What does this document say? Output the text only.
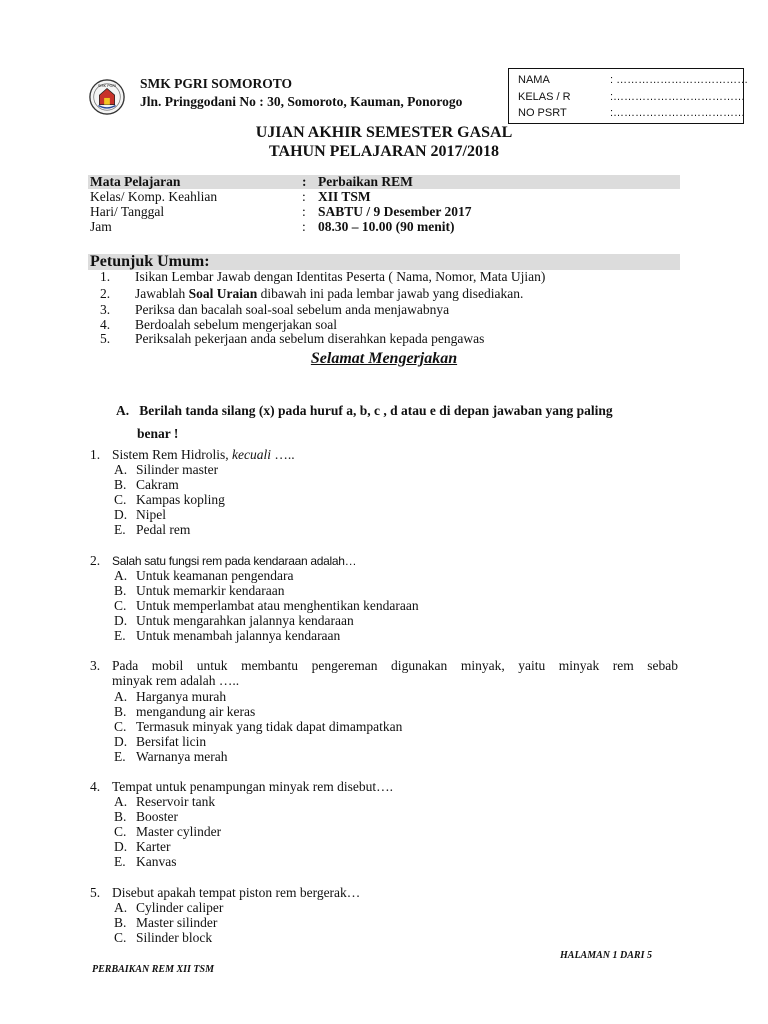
SMK PGRI SMK PGRI SOMOROTO
Jln. Pringgodani No : 30, Somoroto, Kauman, Ponorogo
NAMA	: ………………………………
KELAS / R	:………………………………
NO PSRT	:………………………………
UJIAN AKHIR SEMESTER GASAL
TAHUN PELAJARAN 2017/2018
Mata Pelajaran	: Perbaikan REM
Kelas/ Komp. Keahlian	: XII TSM
Hari/ Tanggal	: SABTU / 9 Desember 2017
Jam	: 08.30 – 10.00 (90 menit)
Petunjuk Umum:
1. Isikan Lembar Jawab dengan Identitas Peserta ( Nama, Nomor, Mata Ujian)
2. Jawablah Soal Uraian dibawah ini pada lembar jawab yang disediakan.
3. Periksa dan bacalah soal-soal sebelum anda menjawabnya
4. Berdoalah sebelum mengerjakan soal
5. Periksalah pekerjaan anda sebelum diserahkan kepada pengawas
Selamat Mengerjakan
A. Berilah tanda silang (x) pada huruf a, b, c , d atau e di depan jawaban yang paling
benar !
1. Sistem Rem Hidrolis, kecuali …..
A. Silinder master
B. Cakram
C. Kampas kopling
D. Nipel
E. Pedal rem
2. Salah satu fungsi rem pada kendaraan adalah…
A. Untuk keamanan pengendara
B. Untuk memarkir kendaraan
C. Untuk memperlambat atau menghentikan kendaraan
D. Untuk mengarahkan jalannya kendaraan
E. Untuk menambah jalannya kendaraan
3. Pada mobil untuk membantu pengereman digunakan minyak, yaitu minyak rem sebab
minyak rem adalah …..
A. Harganya murah
B. mengandung air keras
C. Termasuk minyak yang tidak dapat dimampatkan
D. Bersifat licin
E. Warnanya merah
4. Tempat untuk penampungan minyak rem disebut….
A. Reservoir tank
B. Booster
C. Master cylinder
D. Karter
E. Kanvas
5. Disebut apakah tempat piston rem bergerak…
A. Cylinder caliper
B. Master silinder
C. Silinder block
HALAMAN 1 DARI 5
PERBAIKAN REM XII TSM
